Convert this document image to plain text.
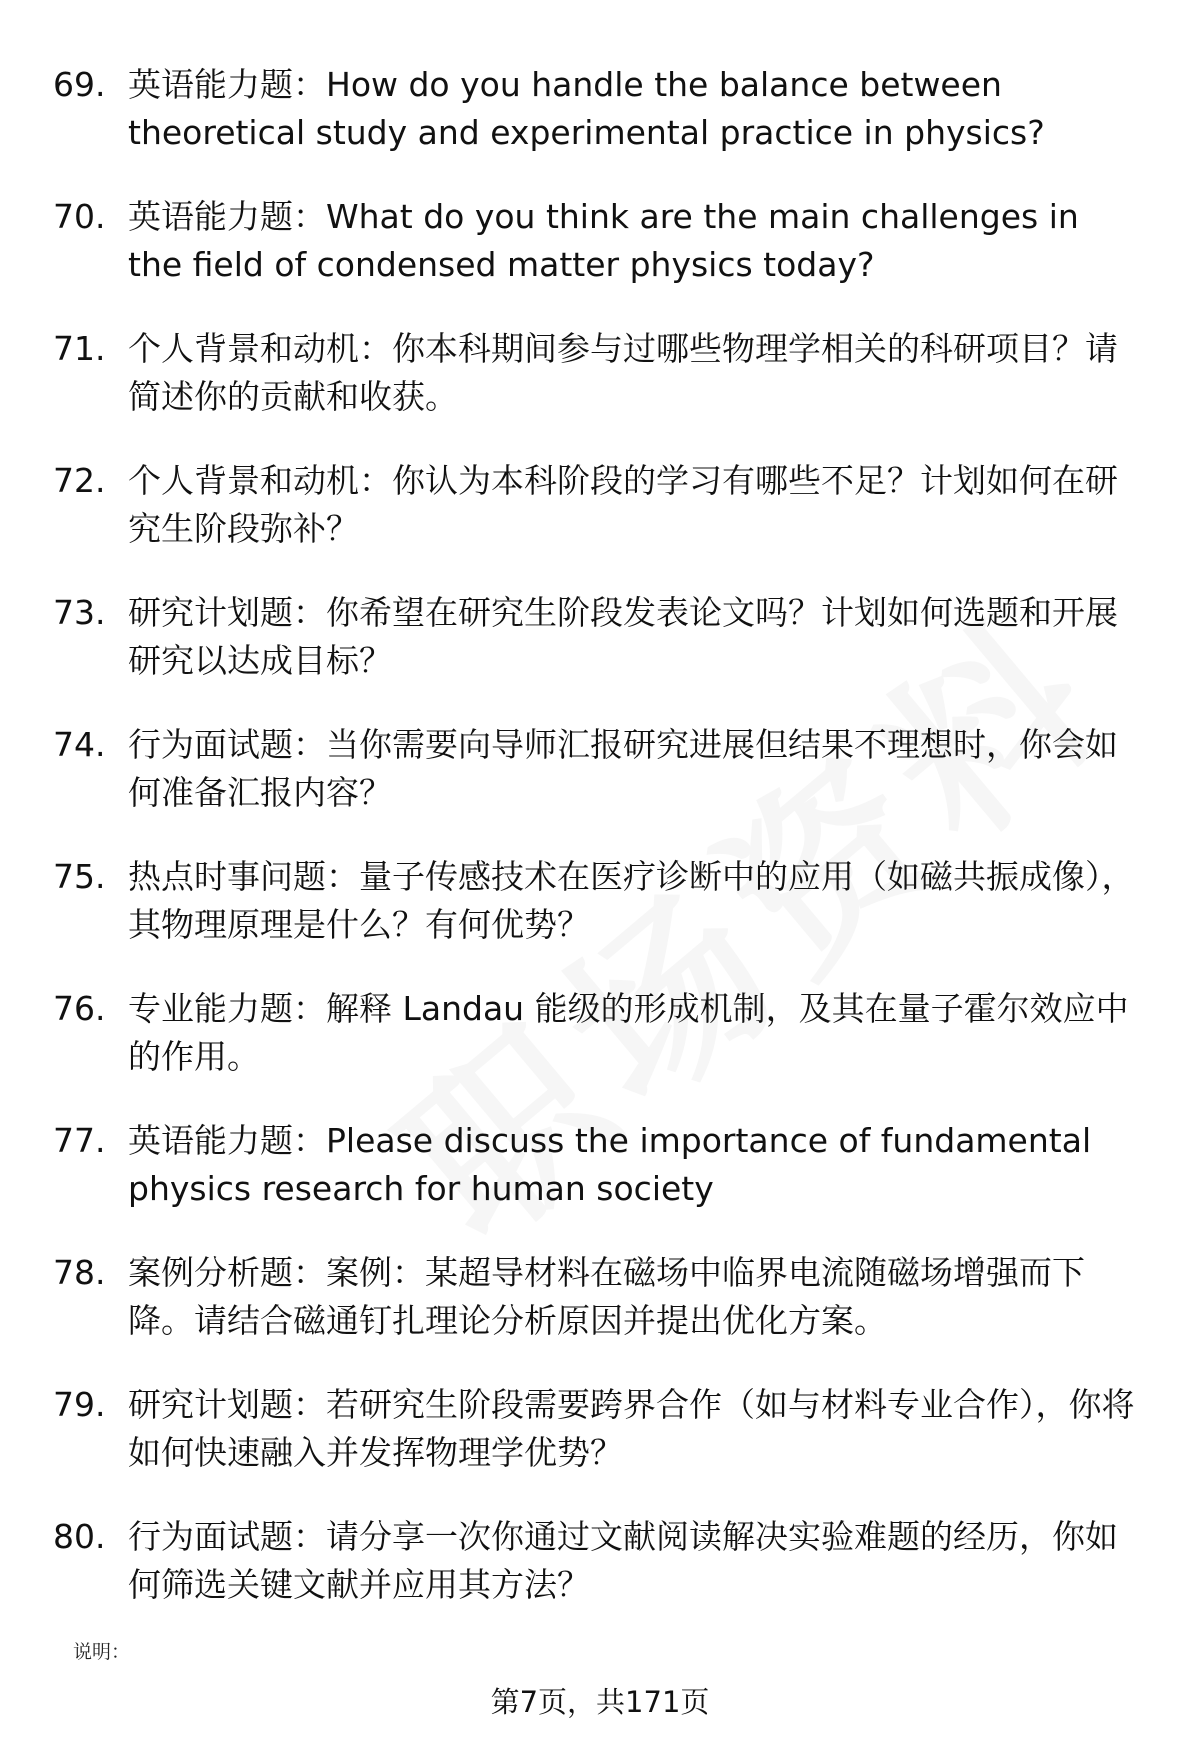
69. 英语能力题：How do you handle the balance between theoretical study and experimental practice in physics?
70. 英语能力题：What do you think are the main challenges in the field of condensed matter physics today?
71. 个人背景和动机：你本科期间参与过哪些物理学相关的科研项目？请简述你的贡献和收获。
72. 个人背景和动机：你认为本科阶段的学习有哪些不足？计划如何在研究生阶段弥补？
73. 研究计划题：你希望在研究生阶段发表论文吗？计划如何选题和开展研究以达成目标？
74. 行为面试题：当你需要向导师汇报研究进展但结果不理想时，你会如何准备汇报内容？
75. 热点时事问题：量子传感技术在医疗诊断中的应用（如磁共振成像），其物理原理是什么？有何优势？
76. 专业能力题：解释 Landau 能级的形成机制，及其在量子霍尔效应中的作用。
77. 英语能力题：Please discuss the importance of fundamental physics research for human society
78. 案例分析题：案例：某超导材料在磁场中临界电流随磁场增强而下降。请结合磁通钉扎理论分析原因并提出优化方案。
79. 研究计划题：若研究生阶段需要跨界合作（如与材料专业合作），你将如何快速融入并发挥物理学优势？
80. 行为面试题：请分享一次你通过文献阅读解决实验难题的经历，你如何筛选关键文献并应用其方法？
说明：
第7页，共171页
